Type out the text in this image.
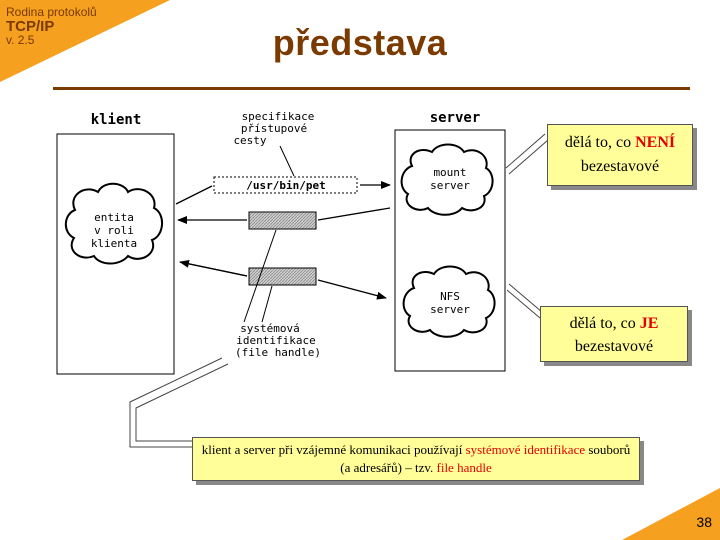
Rodina protokolů
TCP/IP
v. 2.5	představa
klient	server
entita
v roli
klienta
mount
server
NFS
server
specifikace
přístupové
cesty
/usr/bin/pet
systémová
identifikace
(file handle)
dělá to, co NENÍ
bezestavové
dělá to, co JE
bezestavové
klient a server při vzájemné komunikaci používají systémové identifikace souborů (a adresářů) – tzv. file handle
38
